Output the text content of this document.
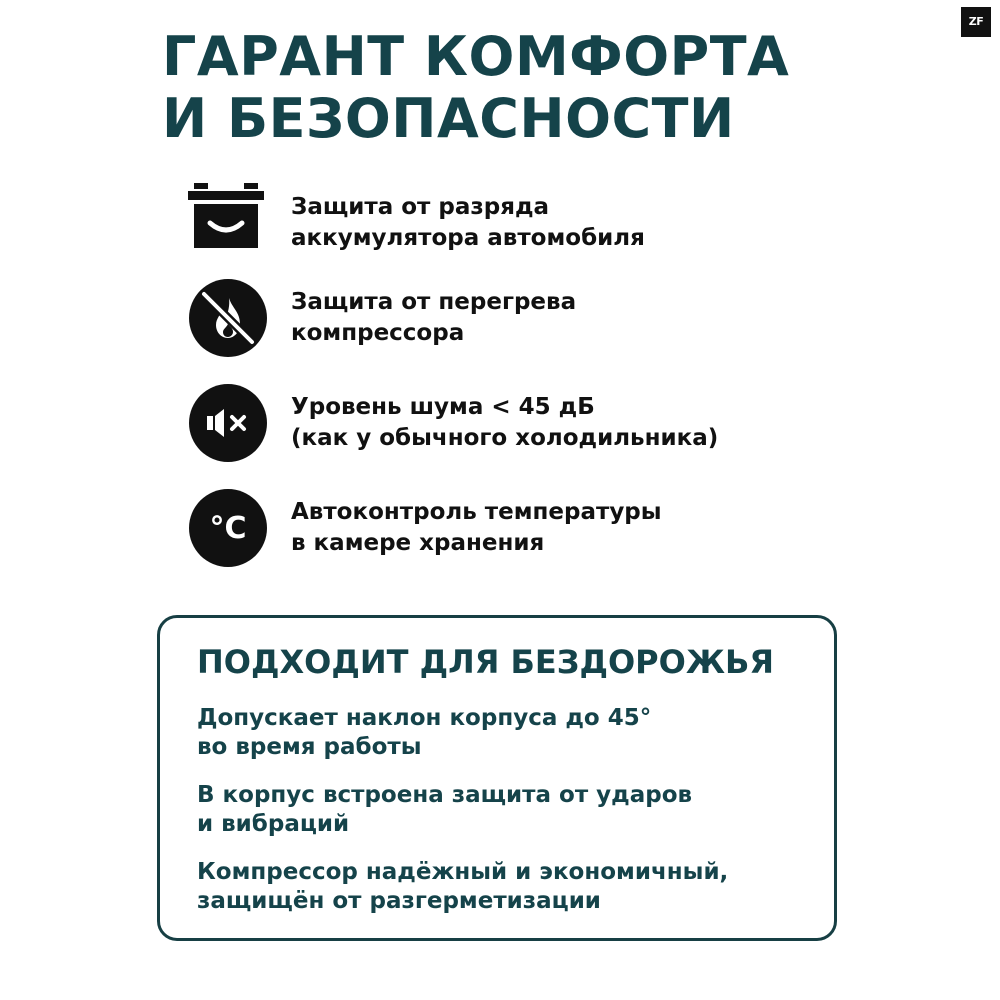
ZF
ГАРАНТ КОМФОРТА
И БЕЗОПАСНОСТИ
Защита от разряда
аккумулятора автомобиля
Защита от перегрева
компрессора
Уровень шума < 45 дБ
(как у обычного холодильника)
°C Автоконтроль температуры
в камере хранения
ПОДХОДИТ ДЛЯ БЕЗДОРОЖЬЯ
Допускает наклон корпуса до 45°
во время работы
В корпус встроена защита от ударов
и вибраций
Компрессор надёжный и экономичный,
защищён от разгерметизации
